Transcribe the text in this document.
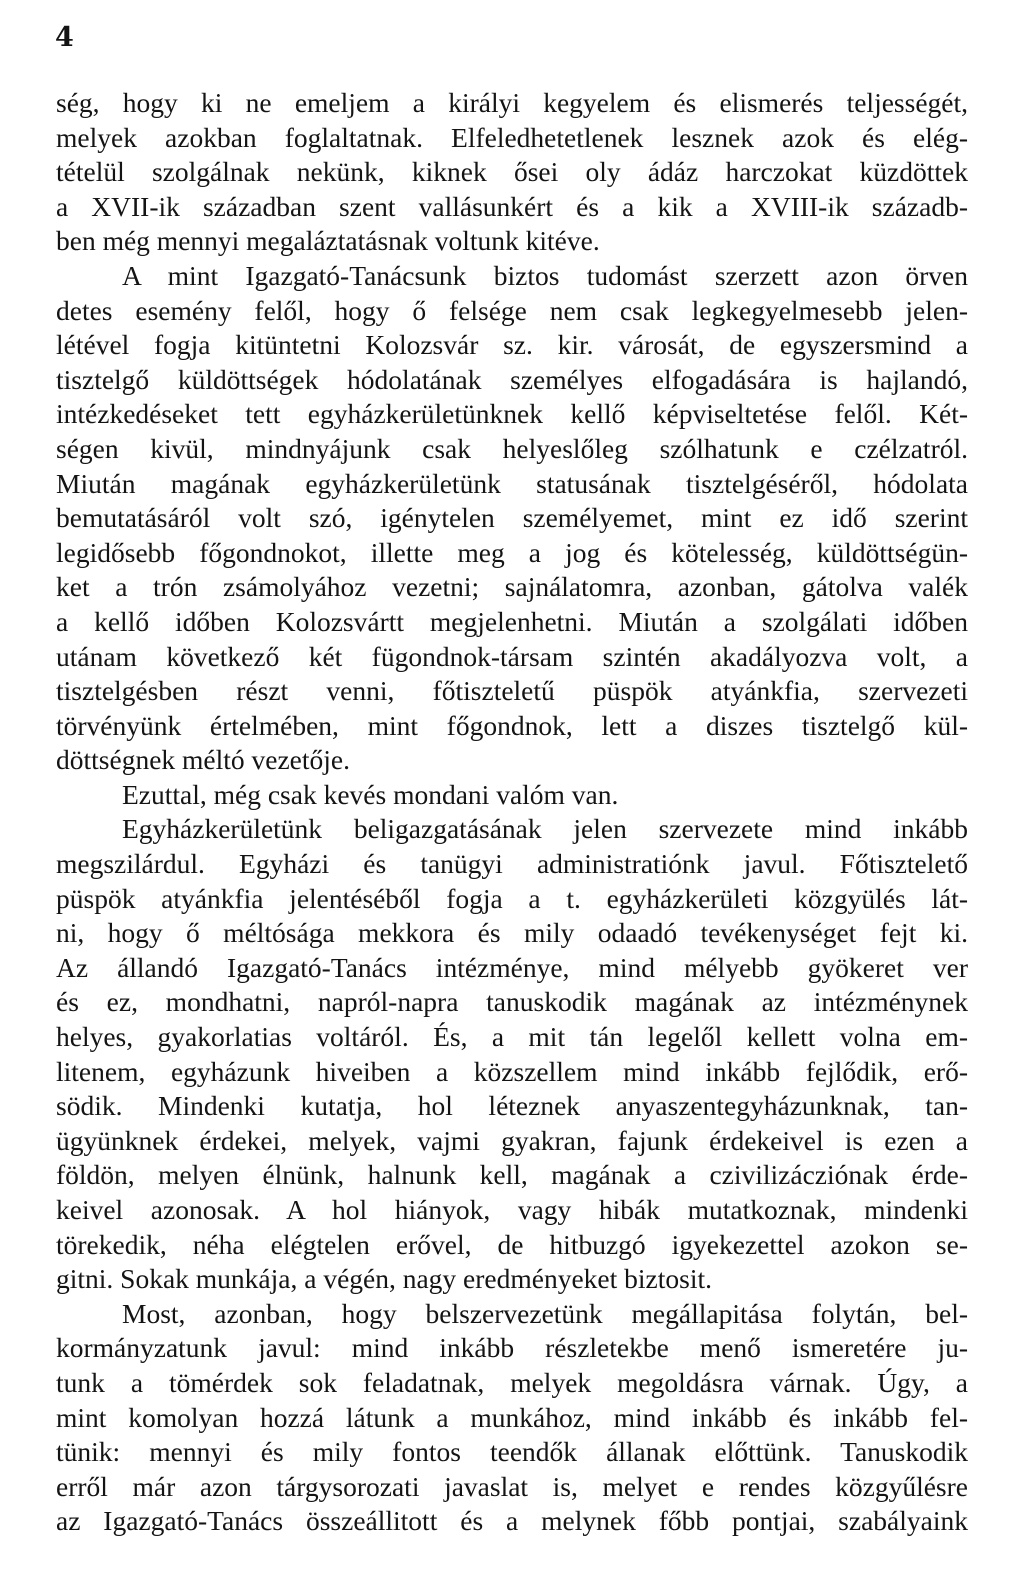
4
ség, hogy ki ne emeljem a királyi kegyelem és elismerés teljességét,
melyek azokban foglaltatnak. Elfeledhetetlenek lesznek azok és elég-
tételül szolgálnak nekünk, kiknek ősei oly ádáz harczokat küzdöttek
a XVII-ik században szent vallásunkért és a kik a XVIII-ik századb-
ben még mennyi megaláztatásnak voltunk kitéve.
A mint Igazgató-Tanácsunk biztos tudomást szerzett azon örven
detes esemény felől, hogy ő felsége nem csak legkegyelmesebb jelen-
létével fogja kitüntetni Kolozsvár sz. kir. városát, de egyszersmind a
tisztelgő küldöttségek hódolatának személyes elfogadására is hajlandó,
intézkedéseket tett egyházkerületünknek kellő képviseltetése felől. Két-
ségen kivül, mindnyájunk csak helyeslőleg szólhatunk e czélzatról.
Miután magának egyházkerületünk statusának tisztelgéséről, hódolata
bemutatásáról volt szó, igénytelen személyemet, mint ez idő szerint
legidősebb főgondnokot, illette meg a jog és kötelesség, küldöttségün-
ket a trón zsámolyához vezetni; sajnálatomra, azonban, gátolva valék
a kellő időben Kolozsvártt megjelenhetni. Miután a szolgálati időben
utánam következő két fügondnok-társam szintén akadályozva volt, a
tisztelgésben részt venni, főtiszteletű püspök atyánkfia, szervezeti
törvényünk értelmében, mint főgondnok, lett a diszes tisztelgő kül-
döttségnek méltó vezetője.
Ezuttal, még csak kevés mondani valóm van.
Egyházkerületünk beligazgatásának jelen szervezete mind inkább
megszilárdul. Egyházi és tanügyi administratiónk javul. Főtisztelető
püspök atyánkfia jelentéséből fogja a t. egyházkerületi közgyülés lát-
ni, hogy ő méltósága mekkora és mily odaadó tevékenységet fejt ki.
Az állandó Igazgató-Tanács intézménye, mind mélyebb gyökeret ver
és ez, mondhatni, napról-napra tanuskodik magának az intézménynek
helyes, gyakorlatias voltáról. És, a mit tán legelől kellett volna em-
litenem, egyházunk hiveiben a közszellem mind inkább fejlődik, erő-
södik. Mindenki kutatja, hol léteznek anyaszentegyházunknak, tan-
ügyünknek érdekei, melyek, vajmi gyakran, fajunk érdekeivel is ezen a
földön, melyen élnünk, halnunk kell, magának a czivilizácziónak érde-
keivel azonosak. A hol hiányok, vagy hibák mutatkoznak, mindenki
törekedik, néha elégtelen erővel, de hitbuzgó igyekezettel azokon se-
gitni. Sokak munkája, a végén, nagy eredményeket biztosit.
Most, azonban, hogy belszervezetünk megállapitása folytán, bel-
kormányzatunk javul: mind inkább részletekbe menő ismeretére ju-
tunk a tömérdek sok feladatnak, melyek megoldásra várnak. Úgy, a
mint komolyan hozzá látunk a munkához, mind inkább és inkább fel-
tünik: mennyi és mily fontos teendők állanak előttünk. Tanuskodik
erről már azon tárgysorozati javaslat is, melyet e rendes közgyűlésre
az Igazgató-Tanács összeállitott és a melynek főbb pontjai, szabályaink
